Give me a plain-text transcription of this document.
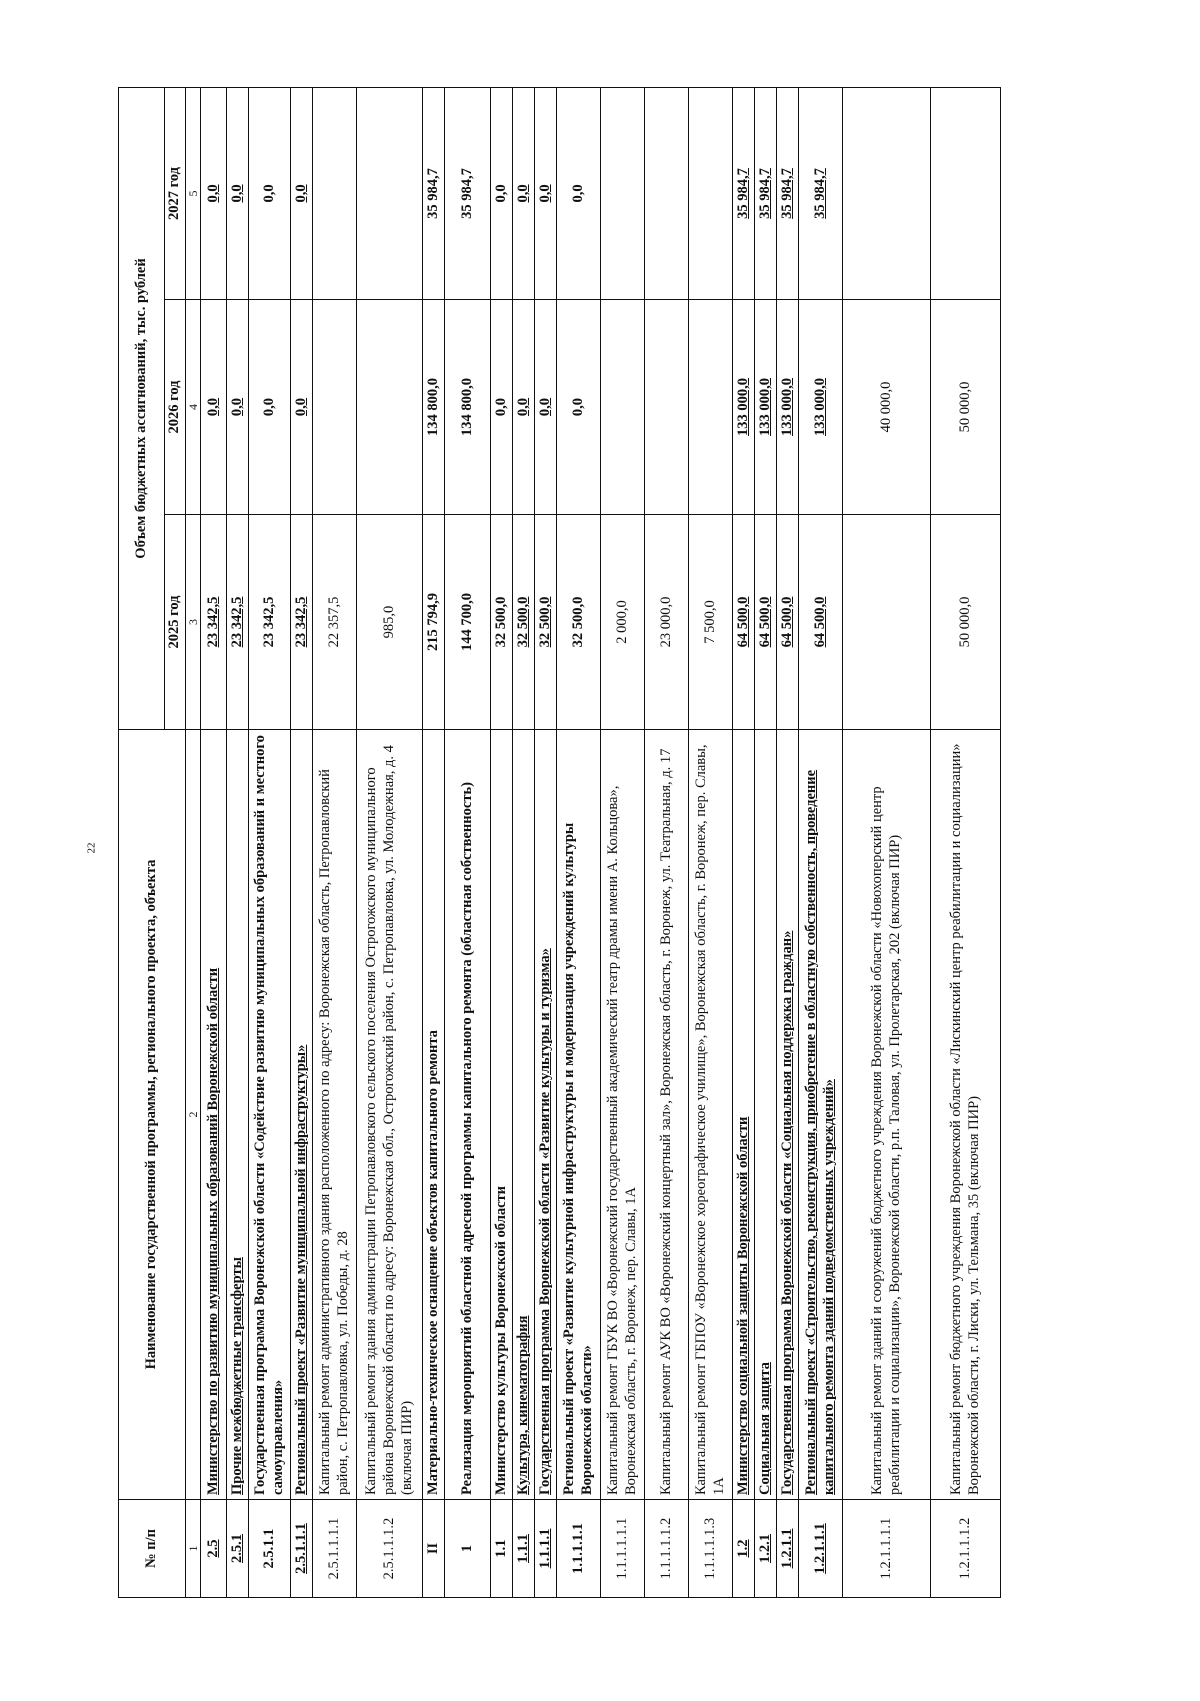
22
№ п/п	Наименование государственной программы, регионального проекта, объекта	Объем бюджетных ассигнований, тыс. рублей		
		2025 год	2026 год	2027 год
1	2	3	4	5
2.5	Министерство по развитию муниципальных образований Воронежской области	23 342,5	0,0	0,0
2.5.1	Прочие межбюджетные трансферты	23 342,5	0,0	0,0
2.5.1.1	Государственная программа Воронежской области «Содействие развитию муниципальных образований и местного самоуправления»	23 342,5	0,0	0,0
2.5.1.1.1	Региональный проект «Развитие муниципальной инфраструктуры»	23 342,5	0,0	0,0
2.5.1.1.1.1	Капитальный ремонт административного здания расположенного по адресу: Воронежская область, Петропавловский район, с. Петропавловка, ул. Победы, д. 28	22 357,5		
2.5.1.1.1.2	Капитальный ремонт здания администрации Петропавловского сельского поселения Острогожского муниципального района Воронежской области по адресу: Воронежская обл., Острогожский район, с. Петропавловка, ул. Молодежная, д. 4 (включая ПИР)	985,0		
II	Материально-техническое оснащение объектов капитального ремонта	215 794,9	134 800,0	35 984,7
1	Реализация мероприятий областной адресной программы капитального ремонта (областная собственность)	144 700,0	134 800,0	35 984,7
1.1	Министерство культуры Воронежской области	32 500,0	0,0	0,0
1.1.1	Культура, кинематография	32 500,0	0,0	0,0
1.1.1.1	Государственная программа Воронежской области «Развитие культуры и туризма»	32 500,0	0,0	0,0
1.1.1.1.1	Региональный проект «Развитие культурной инфраструктуры и модернизация учреждений культуры Воронежской области»	32 500,0	0,0	0,0
1.1.1.1.1.1	Капитальный ремонт ГБУК ВО «Воронежский государственный академический театр драмы имени А. Кольцова», Воронежская область, г. Воронеж, пер. Славы, 1А	2 000,0		
1.1.1.1.1.2	Капитальный ремонт АУК ВО «Воронежский концертный зал», Воронежская область, г. Воронеж, ул. Театральная, д. 17	23 000,0		
1.1.1.1.1.3	Капитальный ремонт ГБПОУ «Воронежское хореографическое училище», Воронежская область, г. Воронеж, пер. Славы, 1А	7 500,0		
1.2	Министерство социальной защиты Воронежской области	64 500,0	133 000,0	35 984,7
1.2.1	Социальная защита	64 500,0	133 000,0	35 984,7
1.2.1.1	Государственная программа Воронежской области «Социальная поддержка граждан»	64 500,0	133 000,0	35 984,7
1.2.1.1.1	Региональный проект «Строительство, реконструкция, приобретение в областную собственность, проведение капитального ремонта зданий подведомственных учреждений»	64 500,0	133 000,0	35 984,7
1.2.1.1.1.1	Капитальный ремонт зданий и сооружений бюджетного учреждения Воронежской области «Новохоперский центр реабилитации и социализации», Воронежской области, р.п. Таловая, ул. Пролетарская, 202 (включая ПИР)		40 000,0	
1.2.1.1.1.2	Капитальный ремонт бюджетного учреждения Воронежской области «Лискинский центр реабилитации и социализации» Воронежской области, г. Лиски, ул. Тельмана, 35 (включая ПИР)	50 000,0	50 000,0	
